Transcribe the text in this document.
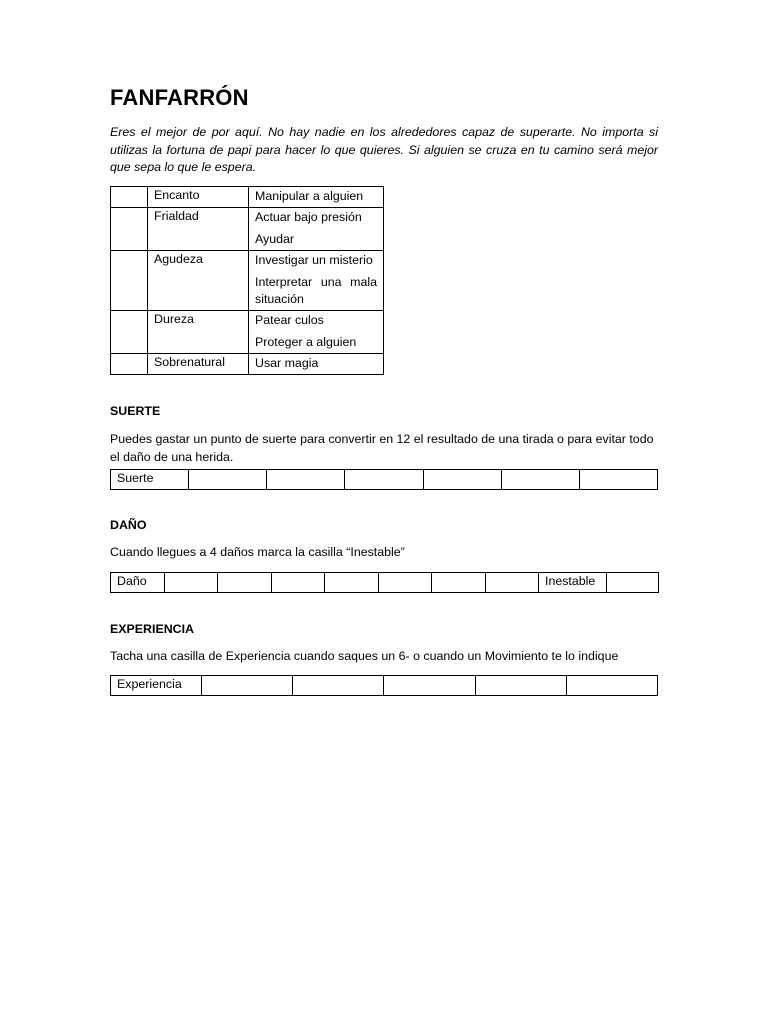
FANFARRÓN

Eres el mejor de por aquí. No hay nadie en los alrededores capaz de superarte. No importa si utilizas la fortuna de papi para hacer lo que quieres. Si alguien se cruza en tu camino será mejor que sepa lo que le espera.

	Encanto	Manipular a alguien

	Frialdad	Actuar bajo presión
Ayudar

	Agudeza	Investigar un misterio
Interpretar una mala situación

	Dureza	Patear culos
Proteger a alguien

	Sobrenatural	Usar magia
SUERTE

Puedes gastar un punto de suerte para convertir en 12 el resultado de una tirada o para evitar todo el daño de una herida.

Suerte						
DAÑO

Cuando llegues a 4 daños marca la casilla “Inestable”

Daño								Inestable	
EXPERIENCIA

Tacha una casilla de Experiencia cuando saques un 6- o cuando un Movimiento te lo indique

Experiencia					
